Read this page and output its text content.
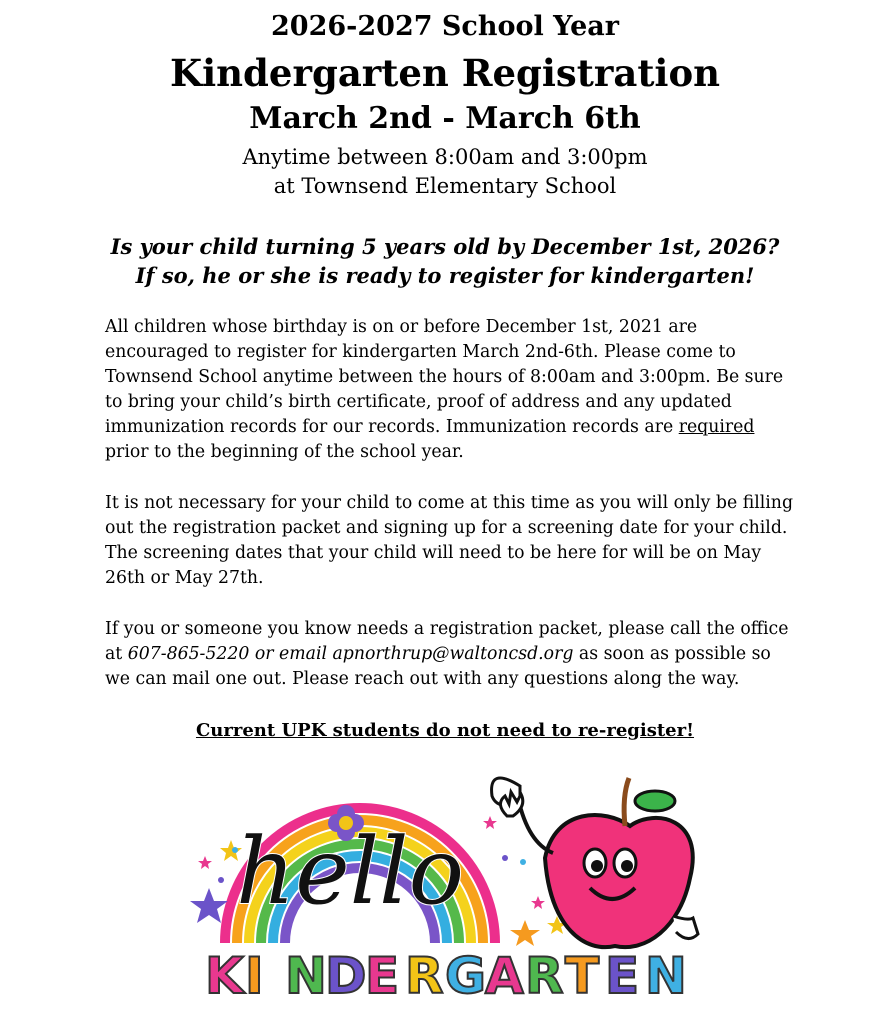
2026-2027 School Year
Kindergarten Registration
March 2nd - March 6th
Anytime between 8:00am and 3:00pm
at Townsend Elementary School
Is your child turning 5 years old by December 1st, 2026?
If so, he or she is ready to register for kindergarten!
All children whose birthday is on or before December 1st, 2021 are encouraged to register for kindergarten March 2nd-6th. Please come to Townsend School anytime between the hours of 8:00am and 3:00pm. Be sure to bring your child’s birth certificate, proof of address and any updated immunization records for our records. Immunization records are required prior to the beginning of the school year.
It is not necessary for your child to come at this time as you will only be filling out the registration packet and signing up for a screening date for your child. The screening dates that your child will need to be here for will be on May 26th or May 27th.
If you or someone you know needs a registration packet, please call the office at 607-865-5220 or email apnorthrup@waltoncsd.org as soon as possible so we can mail one out. Please reach out with any questions along the way.
Current UPK students do not need to re-register!
hello
K I N
D
E R G
A R T E N
